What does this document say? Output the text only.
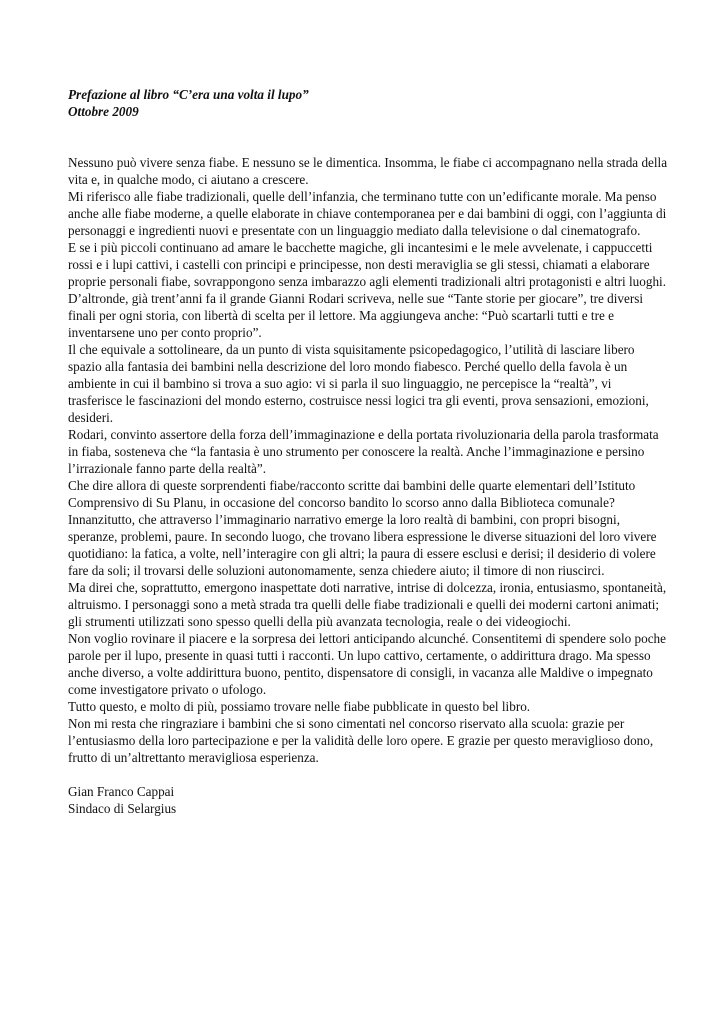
Prefazione al libro “C’era una volta il lupo”
Ottobre 2009

Nessuno può vivere senza fiabe. E nessuno se le dimentica. Insomma, le fiabe ci accompagnano nella strada della vita e, in qualche modo, ci aiutano a crescere.

Mi riferisco alle fiabe tradizionali, quelle dell’infanzia, che terminano tutte con un’edificante morale. Ma penso anche alle fiabe moderne, a quelle elaborate in chiave contemporanea per e dai bambini di oggi, con l’aggiunta di personaggi e ingredienti nuovi e presentate con un linguaggio mediato dalla televisione o dal cinematografo.

E se i più piccoli continuano ad amare le bacchette magiche, gli incantesimi e le mele avvelenate, i cappuccetti rossi e i lupi cattivi, i castelli con principi e principesse, non desti meraviglia se gli stessi, chiamati a elaborare proprie personali fiabe, sovrappongono senza imbarazzo agli elementi tradizionali altri protagonisti e altri luoghi.

D’altronde, già trent’anni fa il grande Gianni Rodari scriveva, nelle sue “Tante storie per giocare”, tre diversi finali per ogni storia, con libertà di scelta per il lettore. Ma aggiungeva anche: “Può scartarli tutti e tre e inventarsene uno per conto proprio”.

Il che equivale a sottolineare, da un punto di vista squisitamente psicopedagogico, l’utilità di lasciare libero spazio alla fantasia dei bambini nella descrizione del loro mondo fiabesco. Perché quello della favola è un ambiente in cui il bambino si trova a suo agio: vi si parla il suo linguaggio, ne percepisce la “realtà”, vi trasferisce le fascinazioni del mondo esterno, costruisce nessi logici tra gli eventi, prova sensazioni, emozioni, desideri.

Rodari, convinto assertore della forza dell’immaginazione e della portata rivoluzionaria della parola trasformata in fiaba, sosteneva che “la fantasia è uno strumento per conoscere la realtà. Anche l’immaginazione e persino l’irrazionale fanno parte della realtà”.

Che dire allora di queste sorprendenti fiabe/racconto scritte dai bambini delle quarte elementari dell’Istituto Comprensivo di Su Planu, in occasione del concorso bandito lo scorso anno dalla Biblioteca comunale?

Innanzitutto, che attraverso l’immaginario narrativo emerge la loro realtà di bambini, con propri bisogni, speranze, problemi, paure. In secondo luogo, che trovano libera espressione le diverse situazioni del loro vivere quotidiano: la fatica, a volte, nell’interagire con gli altri; la paura di essere esclusi e derisi; il desiderio di volere fare da soli; il trovarsi delle soluzioni autonomamente, senza chiedere aiuto; il timore di non riuscirci.

Ma direi che, soprattutto, emergono inaspettate doti narrative, intrise di dolcezza, ironia, entusiasmo, spontaneità, altruismo. I personaggi sono a metà strada tra quelli delle fiabe tradizionali e quelli dei moderni cartoni animati; gli strumenti utilizzati sono spesso quelli della più avanzata tecnologia, reale o dei videogiochi.

Non voglio rovinare il piacere e la sorpresa dei lettori anticipando alcunché. Consentitemi di spendere solo poche parole per il lupo, presente in quasi tutti i racconti. Un lupo cattivo, certamente, o addirittura drago. Ma spesso anche diverso, a volte addirittura buono, pentito, dispensatore di consigli, in vacanza alle Maldive o impegnato come investigatore privato o ufologo.

Tutto questo, e molto di più, possiamo trovare nelle fiabe pubblicate in questo bel libro.

Non mi resta che ringraziare i bambini che si sono cimentati nel concorso riservato alla scuola: grazie per l’entusiasmo della loro partecipazione e per la validità delle loro opere. E grazie per questo meraviglioso dono, frutto di un’altrettanto meravigliosa esperienza.

Gian Franco Cappai
Sindaco di Selargius
